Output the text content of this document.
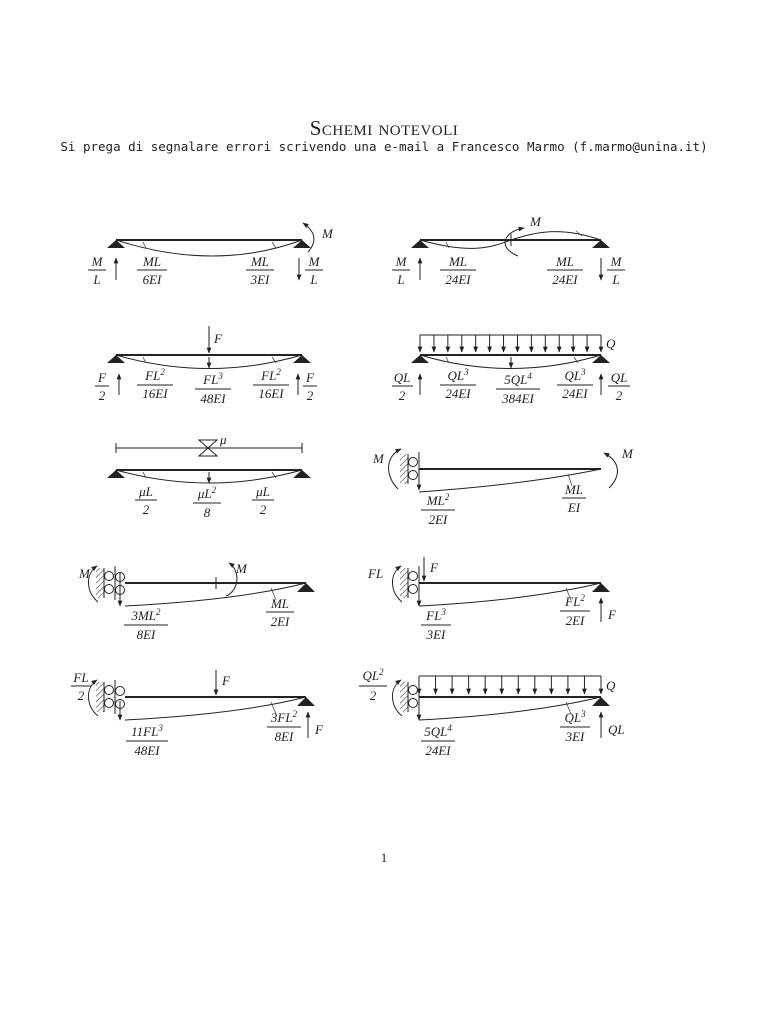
Schemi notevoli
Si prega di segnalare errori scrivendo una e-mail a Francesco Marmo (f.marmo@unina.it)
M
M
L
ML
6EI
ML
3EI
M
L
M
M
L
ML
24EI
ML
24EI
M
L
F
F
2
$FL^2$
16EI
$FL^3$
48EI
$FL^2$
16EI
F
2
Q
QL
2
$QL^3$
24EI
$5QL^4$
384EI
$QL^3$
24EI
QL
2
μ
μL
2
$\mu L^2$
8
μL
2
M	M
$ML^2$
2EI
ML
EI
M
M
$3ML^2$
8EI
ML
2EI
F
FL
F
$FL^3$
3EI
$FL^2$
2EI
F
FL
2
F
$11FL^3$
48EI
$3FL^2$
8EI
Q
$QL^2$
2
QL
$5QL^4$
24EI
$QL^3$
3EI
1
